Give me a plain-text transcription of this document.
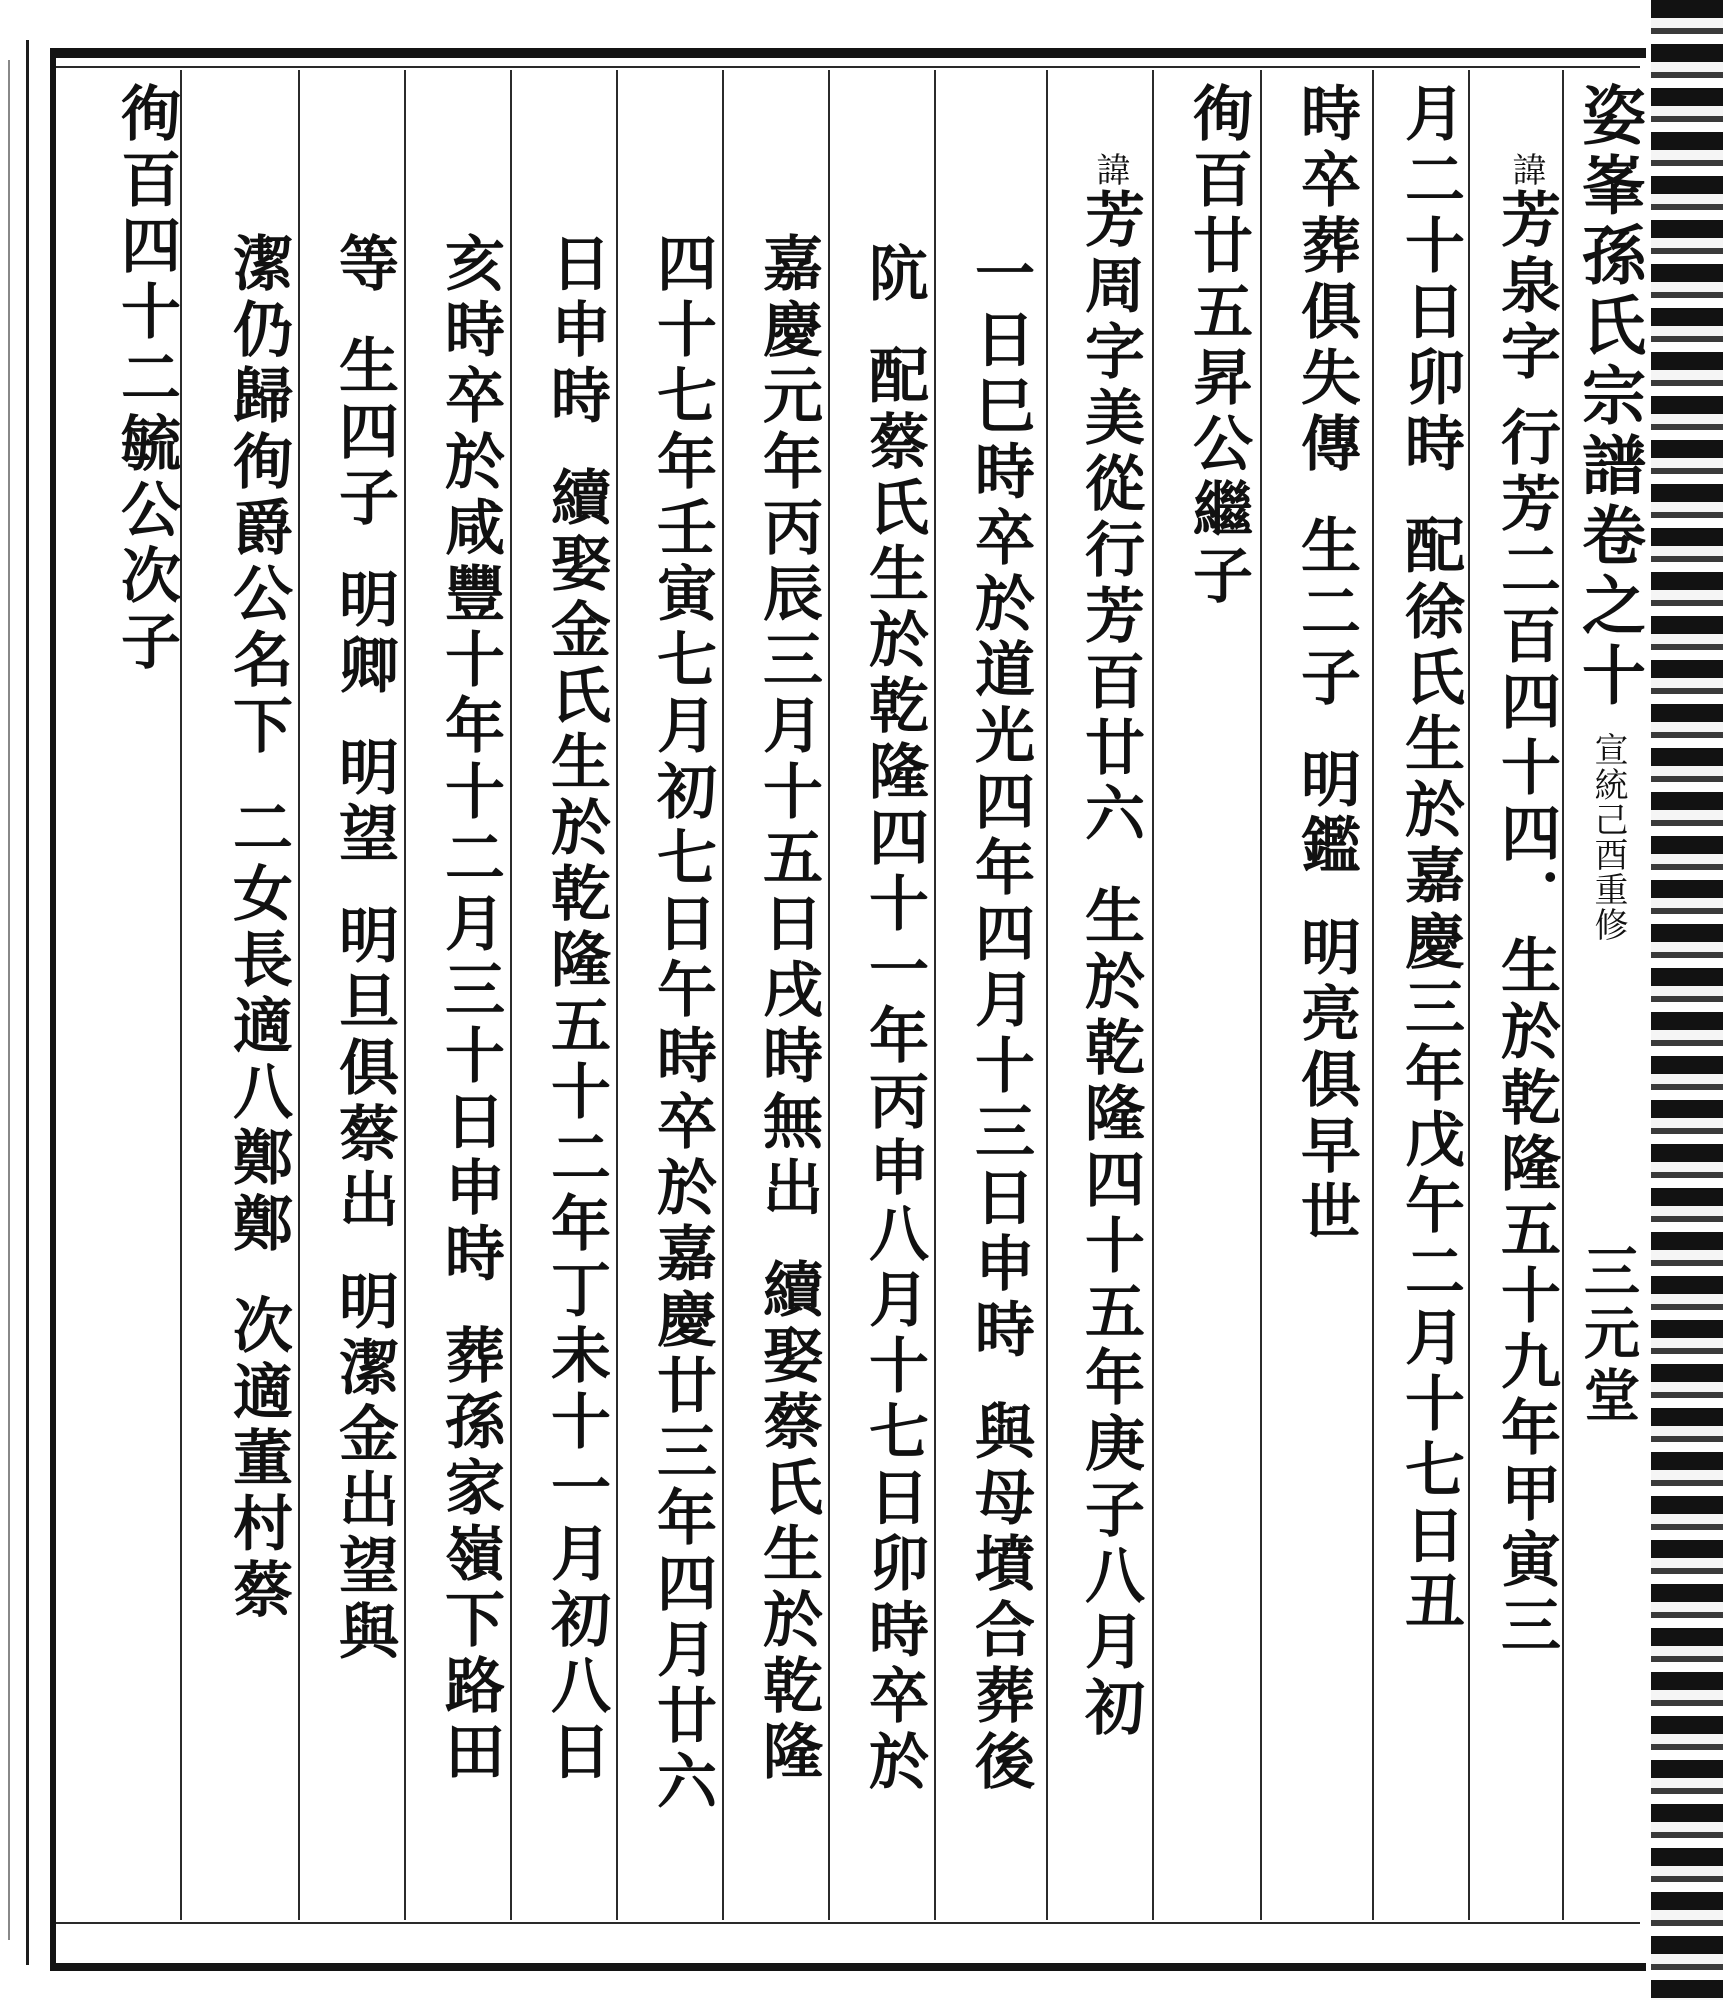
姿峯孫氏宗譜卷之十宣統己酉重修三元堂
諱芳泉字行芳二百四十四．生於乾隆五十九年甲寅三
月二十日卯時配徐氏生於嘉慶三年戊午二月十七日丑
時卒葬俱失傳生二子明鑑明亮俱早世
徇百廿五昇公繼子
諱芳周字美從行芳百廿六生於乾隆四十五年庚子八月初
一日巳時卒於道光四年四月十三日申時與母墳合葬後
阬配蔡氏生於乾隆四十一年丙申八月十七日卯時卒於
嘉慶元年丙辰三月十五日戌時無出續娶蔡氏生於乾隆
四十七年壬寅七月初七日午時卒於嘉慶廿三年四月廿六
日申時續娶金氏生於乾隆五十二年丁未十一月初八日
亥時卒於咸豐十年十二月三十日申時葬孫家嶺下路田
等生四子明卿明望明旦俱蔡出明潔金出望與
潔仍歸徇爵公名下二女長適八鄭鄭次適董村蔡
徇百四十二毓公次子
